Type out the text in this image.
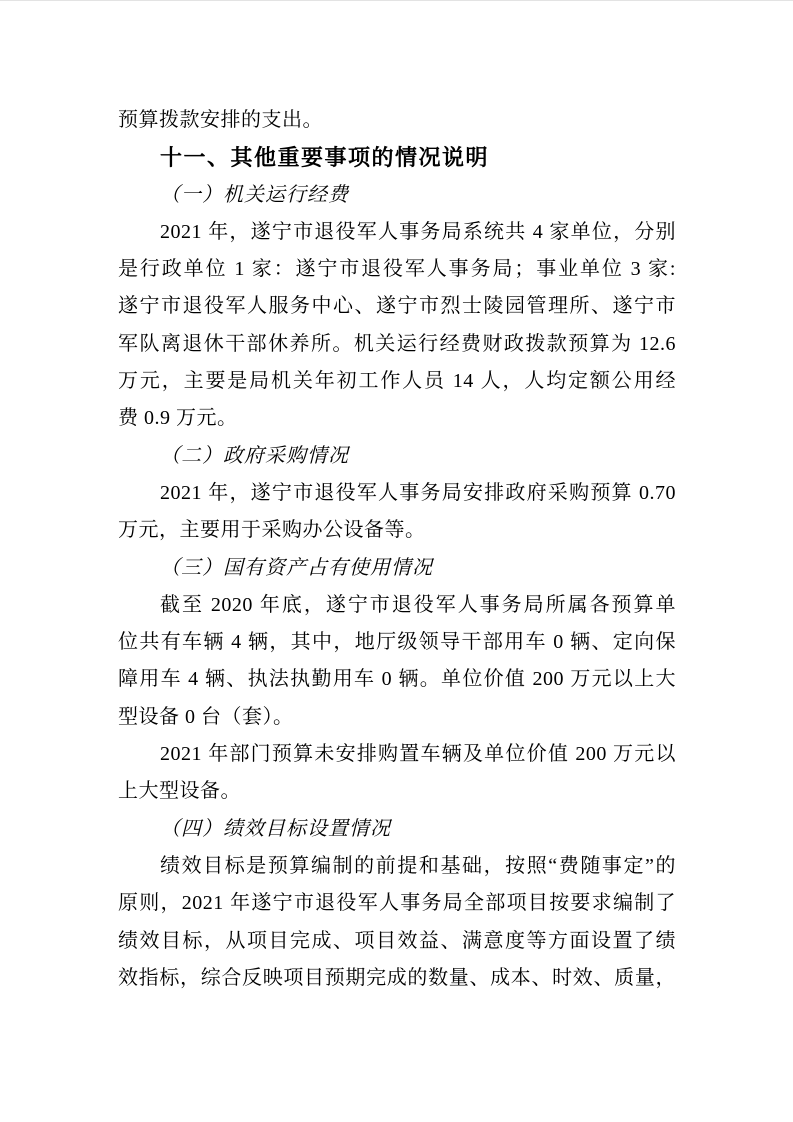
预算拨款安排的支出。
十一、其他重要事项的情况说明
（一）机关运行经费
2021 年，遂宁市退役军人事务局系统共 4 家单位，分别
是行政单位 1 家：遂宁市退役军人事务局；事业单位 3 家:
遂宁市退役军人服务中心、遂宁市烈士陵园管理所、遂宁市
军队离退休干部休养所。机关运行经费财政拨款预算为 12.6
万元，主要是局机关年初工作人员 14 人，人均定额公用经
费 0.9 万元。
（二）政府采购情况
2021 年，遂宁市退役军人事务局安排政府采购预算 0.70
万元，主要用于采购办公设备等。
（三）国有资产占有使用情况
截至 2020 年底，遂宁市退役军人事务局所属各预算单
位共有车辆 4 辆，其中，地厅级领导干部用车 0 辆、定向保
障用车 4 辆、执法执勤用车 0 辆。单位价值 200 万元以上大
型设备 0 台（套）。
2021 年部门预算未安排购置车辆及单位价值 200 万元以
上大型设备。
（四）绩效目标设置情况
绩效目标是预算编制的前提和基础，按照“费随事定”的
原则，2021 年遂宁市退役军人事务局全部项目按要求编制了
绩效目标，从项目完成、项目效益、满意度等方面设置了绩
效指标，综合反映项目预期完成的数量、成本、时效、质量，
